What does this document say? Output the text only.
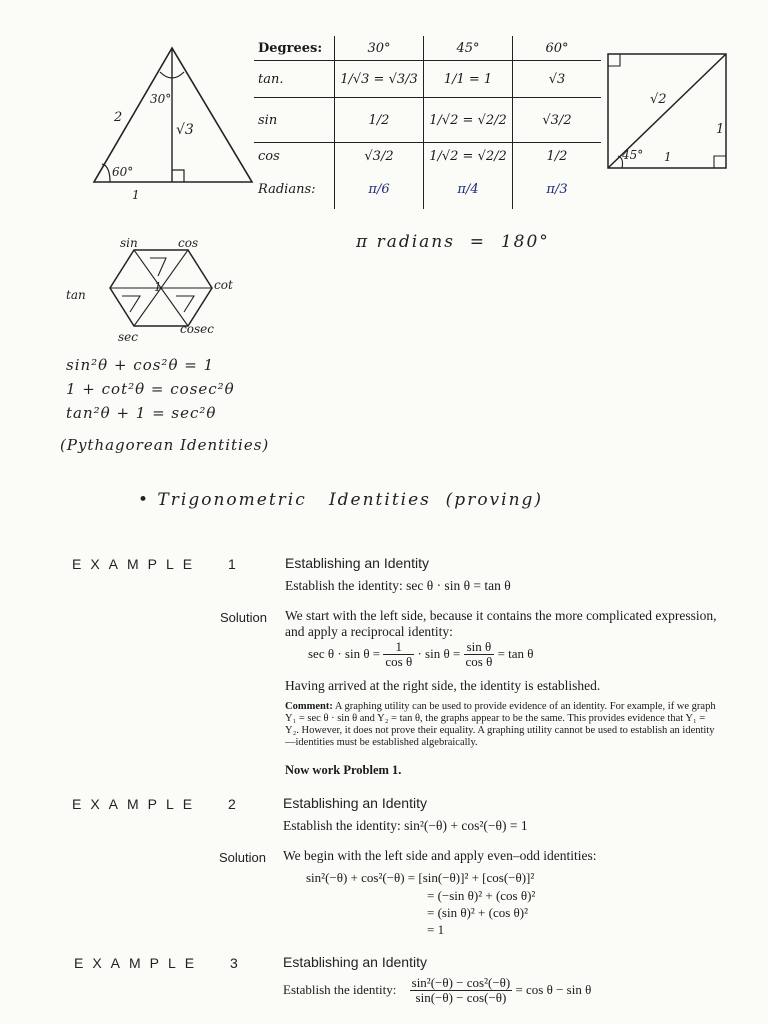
30°
2
√3
60°
1
Degrees:	30°	45°	60°
tan.	1/√3 = √3/3	1/1 = 1	√3
sin	1/2	1/√2 = √2/2	√3/2
cos	√3/2	1/√2 = √2/2	1/2
Radians:	π/6	π/4	π/3
√2
1
45° 1
π radians  =  180°
sin	cos
tan
cot
1
sec
cosec
sin²θ + cos²θ = 1
1 + cot²θ = cosec²θ
tan²θ + 1 = sec²θ
(Pythagorean Identities)
• Trigonometric   Identities  (proving)
EXAMPLE 1	Establishing an Identity
Establish the identity: sec θ · sin θ = tan θ
Solution We start with the left side, because it contains the more complicated expression, and apply a reciprocal identity:
$\sec \theta \cdot \sin \theta = \frac{1}{\text{cos θ}} \cdot \sin \theta = \frac{\text{sin θ}}{\text{cos θ}} = \tan \theta$
Having arrived at the right side, the identity is established.
Comment: A graphing utility can be used to provide evidence of an identity. For example, if we graph Y₁ = sec θ · sin θ and Y₂ = tan θ, the graphs appear to be the same. This provides evidence that Y₁ = Y₂. However, it does not prove their equality. A graphing utility cannot be used to establish an identity—identities must be established algebraically.
Now work Problem 1.
EXAMPLE 2	Establishing an Identity
Establish the identity: sin²(−θ) + cos²(−θ) = 1
Solution We begin with the left side and apply even–odd identities:
sin²(−θ) + cos²(−θ) = [sin(−θ)]² + [cos(−θ)]²
= (−sin θ)² + (cos θ)²
= (sin θ)² + (cos θ)²
= 1
EXAMPLE 3	Establishing an Identity
Establish the identity: $\frac{\text{sin²(−θ) − cos²(−θ)}}{\sin(-\theta) - \cos(-\theta)} = \cos \theta - \sin \theta$
